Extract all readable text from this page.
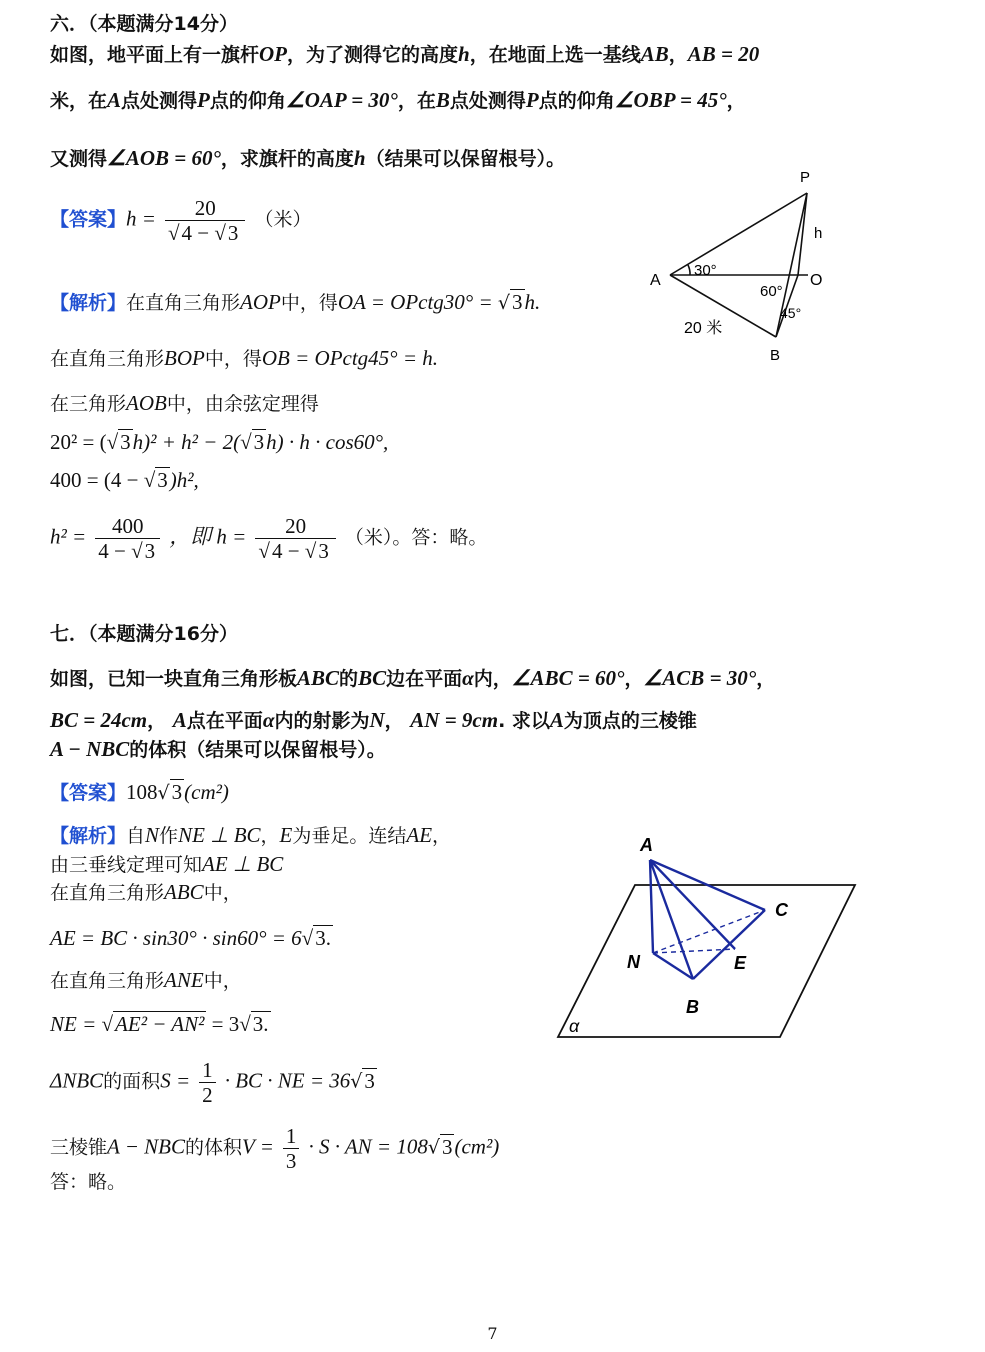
六．（本题满分14分）
如图，地平面上有一旗杆OP，为了测得它的高度h，在地面上选一基线AB，AB = 20
米，在A点处测得P点的仰角∠OAP = 30°，在B点处测得P点的仰角∠OBP = 45°，
又测得∠AOB = 60°，求旗杆的高度h（结果可以保留根号）。
【答案】$h = \frac{20}{√4 - √3}$ （米）
【解析】在直角三角形AOP中，得OA = OPctg30° = √3h.
在直角三角形BOP中，得OB = OPctg45° = h.
在三角形AOB中，由余弦定理得
20² = (√3h)² + h² − 2(√3h) · h · cos60°,
400 = (4 − √3)h²,
$h^2 = \frac{400}{4 - √3}$ ，即 $h = \frac{20}{√4 - √3}$ （米）。答：略。
P
h
A
30°
O
60°
45°
20 米
B
七．（本题满分16分）
如图，已知一块直角三角形板ABC的BC边在平面α内，∠ABC = 60°，∠ACB = 30°，
BC = 24cm， A点在平面α内的射影为N， AN = 9cm. 求以A为顶点的三棱锥
A − NBC的体积（结果可以保留根号）。
【答案】108√3(cm²)
【解析】自N作NE ⊥ BC，E为垂足。连结AE，
由三垂线定理可知AE ⊥ BC
在直角三角形ABC中，
AE = BC · sin30° · sin60° = 6√3.
在直角三角形ANE中，
NE = √AE² − AN² = 3√3.
ΔNBC的面积$S = \frac{1}{2}$ · BC · NE = 36√3
三棱锥A − NBC的体积$V = \frac{1}{3} \cdot S$ · AN = 108√3(cm²)
答：略。
A
C
N	E
B
α
7
